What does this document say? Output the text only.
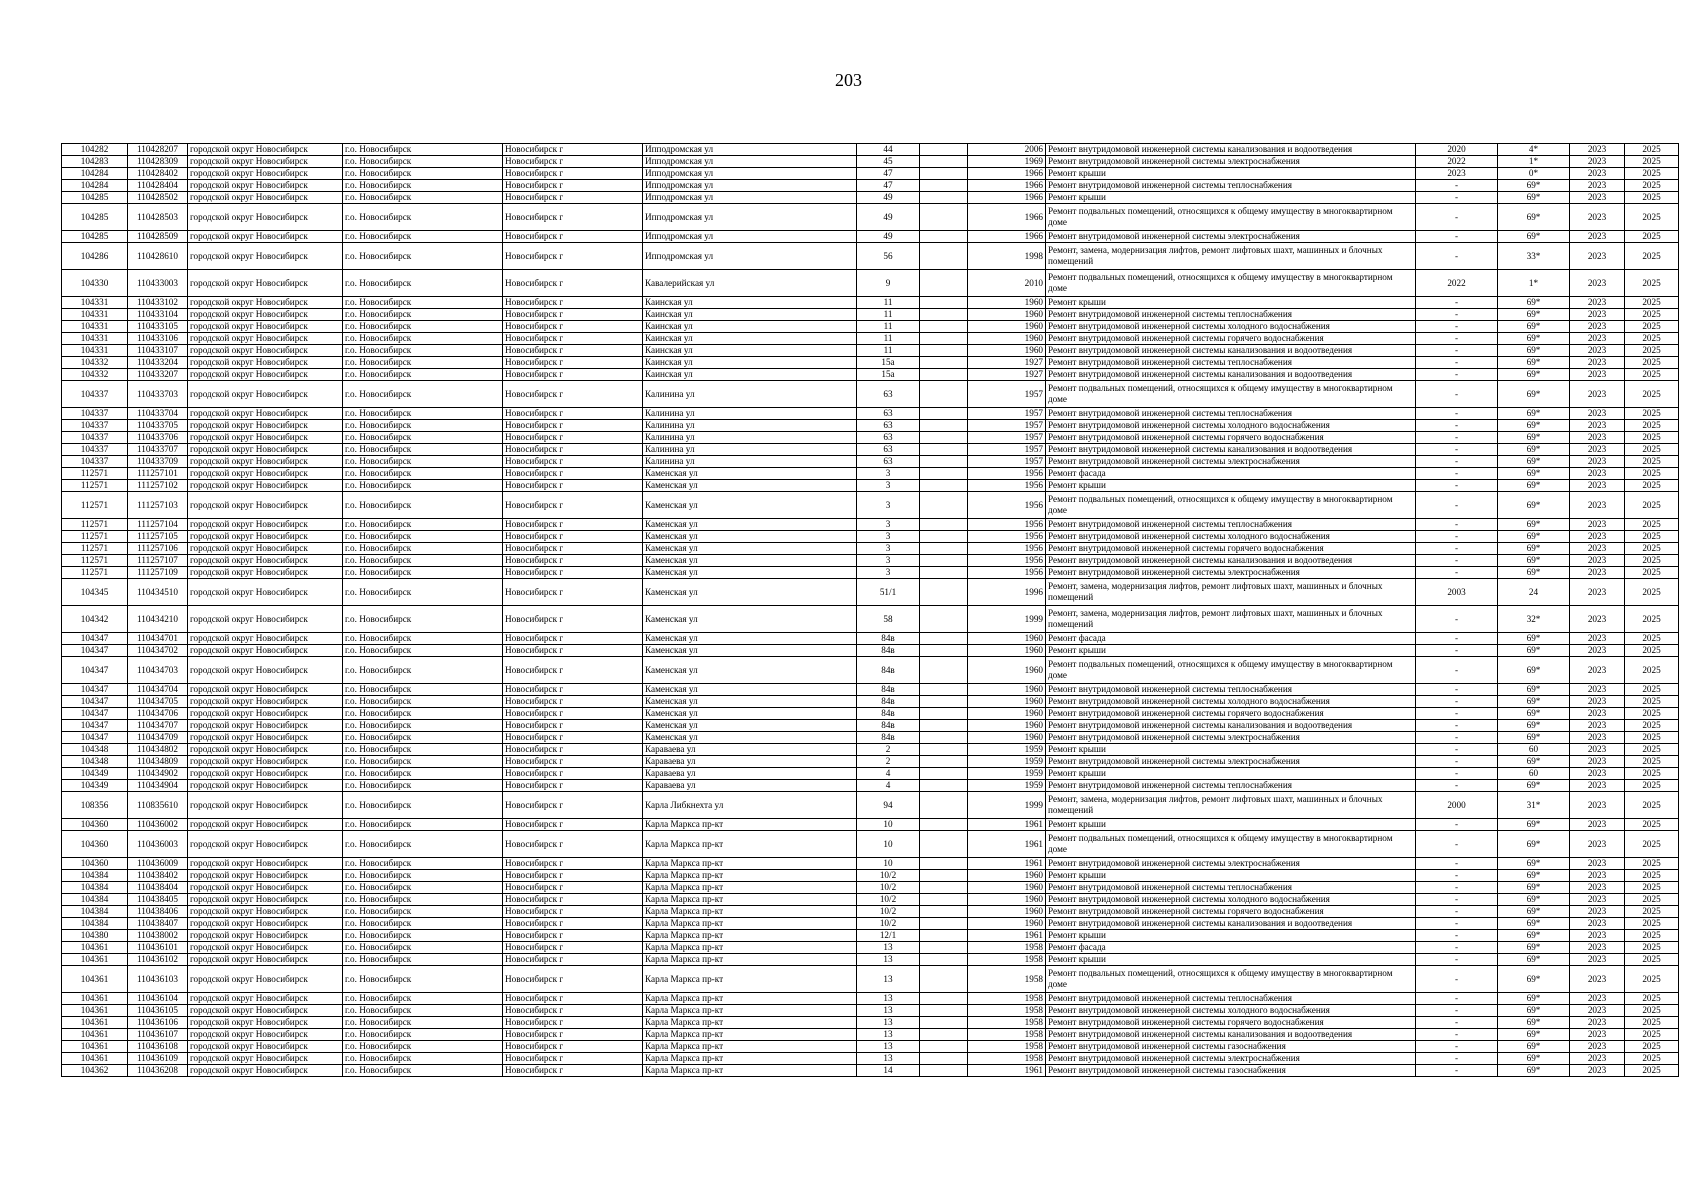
203
104282	110428207	городской округ Новосибирск	г.о. Новосибирск	Новосибирск г	Ипподромская ул	44		2006	Ремонт внутридомовой инженерной системы канализования и водоотведения	2020	4*	2023	2025
104283	110428309	городской округ Новосибирск	г.о. Новосибирск	Новосибирск г	Ипподромская ул	45		1969	Ремонт внутридомовой инженерной системы электроснабжения	2022	1*	2023	2025
104284	110428402	городской округ Новосибирск	г.о. Новосибирск	Новосибирск г	Ипподромская ул	47		1966	Ремонт крыши	2023	0*	2023	2025
104284	110428404	городской округ Новосибирск	г.о. Новосибирск	Новосибирск г	Ипподромская ул	47		1966	Ремонт внутридомовой инженерной системы теплоснабжения	-	69*	2023	2025
104285	110428502	городской округ Новосибирск	г.о. Новосибирск	Новосибирск г	Ипподромская ул	49		1966	Ремонт крыши	-	69*	2023	2025
104285	110428503	городской округ Новосибирск	г.о. Новосибирск	Новосибирск г	Ипподромская ул	49		1966	Ремонт подвальных помещений, относящихся к общему имуществу в многоквартирном доме	-	69*	2023	2025
104285	110428509	городской округ Новосибирск	г.о. Новосибирск	Новосибирск г	Ипподромская ул	49		1966	Ремонт внутридомовой инженерной системы электроснабжения	-	69*	2023	2025
104286	110428610	городской округ Новосибирск	г.о. Новосибирск	Новосибирск г	Ипподромская ул	56		1998	Ремонт, замена, модернизация лифтов, ремонт лифтовых шахт, машинных и блочных помещений	-	33*	2023	2025
104330	110433003	городской округ Новосибирск	г.о. Новосибирск	Новосибирск г	Кавалерийская ул	9		2010	Ремонт подвальных помещений, относящихся к общему имуществу в многоквартирном доме	2022	1*	2023	2025
104331	110433102	городской округ Новосибирск	г.о. Новосибирск	Новосибирск г	Каинская ул	11		1960	Ремонт крыши	-	69*	2023	2025
104331	110433104	городской округ Новосибирск	г.о. Новосибирск	Новосибирск г	Каинская ул	11		1960	Ремонт внутридомовой инженерной системы теплоснабжения	-	69*	2023	2025
104331	110433105	городской округ Новосибирск	г.о. Новосибирск	Новосибирск г	Каинская ул	11		1960	Ремонт внутридомовой инженерной системы холодного водоснабжения	-	69*	2023	2025
104331	110433106	городской округ Новосибирск	г.о. Новосибирск	Новосибирск г	Каинская ул	11		1960	Ремонт внутридомовой инженерной системы горячего водоснабжения	-	69*	2023	2025
104331	110433107	городской округ Новосибирск	г.о. Новосибирск	Новосибирск г	Каинская ул	11		1960	Ремонт внутридомовой инженерной системы канализования и водоотведения	-	69*	2023	2025
104332	110433204	городской округ Новосибирск	г.о. Новосибирск	Новосибирск г	Каинская ул	15а		1927	Ремонт внутридомовой инженерной системы теплоснабжения	-	69*	2023	2025
104332	110433207	городской округ Новосибирск	г.о. Новосибирск	Новосибирск г	Каинская ул	15а		1927	Ремонт внутридомовой инженерной системы канализования и водоотведения	-	69*	2023	2025
104337	110433703	городской округ Новосибирск	г.о. Новосибирск	Новосибирск г	Калинина ул	63		1957	Ремонт подвальных помещений, относящихся к общему имуществу в многоквартирном доме	-	69*	2023	2025
104337	110433704	городской округ Новосибирск	г.о. Новосибирск	Новосибирск г	Калинина ул	63		1957	Ремонт внутридомовой инженерной системы теплоснабжения	-	69*	2023	2025
104337	110433705	городской округ Новосибирск	г.о. Новосибирск	Новосибирск г	Калинина ул	63		1957	Ремонт внутридомовой инженерной системы холодного водоснабжения	-	69*	2023	2025
104337	110433706	городской округ Новосибирск	г.о. Новосибирск	Новосибирск г	Калинина ул	63		1957	Ремонт внутридомовой инженерной системы горячего водоснабжения	-	69*	2023	2025
104337	110433707	городской округ Новосибирск	г.о. Новосибирск	Новосибирск г	Калинина ул	63		1957	Ремонт внутридомовой инженерной системы канализования и водоотведения	-	69*	2023	2025
104337	110433709	городской округ Новосибирск	г.о. Новосибирск	Новосибирск г	Калинина ул	63		1957	Ремонт внутридомовой инженерной системы электроснабжения	-	69*	2023	2025
112571	111257101	городской округ Новосибирск	г.о. Новосибирск	Новосибирск г	Каменская ул	3		1956	Ремонт фасада	-	69*	2023	2025
112571	111257102	городской округ Новосибирск	г.о. Новосибирск	Новосибирск г	Каменская ул	3		1956	Ремонт крыши	-	69*	2023	2025
112571	111257103	городской округ Новосибирск	г.о. Новосибирск	Новосибирск г	Каменская ул	3		1956	Ремонт подвальных помещений, относящихся к общему имуществу в многоквартирном доме	-	69*	2023	2025
112571	111257104	городской округ Новосибирск	г.о. Новосибирск	Новосибирск г	Каменская ул	3		1956	Ремонт внутридомовой инженерной системы теплоснабжения	-	69*	2023	2025
112571	111257105	городской округ Новосибирск	г.о. Новосибирск	Новосибирск г	Каменская ул	3		1956	Ремонт внутридомовой инженерной системы холодного водоснабжения	-	69*	2023	2025
112571	111257106	городской округ Новосибирск	г.о. Новосибирск	Новосибирск г	Каменская ул	3		1956	Ремонт внутридомовой инженерной системы горячего водоснабжения	-	69*	2023	2025
112571	111257107	городской округ Новосибирск	г.о. Новосибирск	Новосибирск г	Каменская ул	3		1956	Ремонт внутридомовой инженерной системы канализования и водоотведения	-	69*	2023	2025
112571	111257109	городской округ Новосибирск	г.о. Новосибирск	Новосибирск г	Каменская ул	3		1956	Ремонт внутридомовой инженерной системы электроснабжения	-	69*	2023	2025
104345	110434510	городской округ Новосибирск	г.о. Новосибирск	Новосибирск г	Каменская ул	51/1		1996	Ремонт, замена, модернизация лифтов, ремонт лифтовых шахт, машинных и блочных помещений	2003	24	2023	2025
104342	110434210	городской округ Новосибирск	г.о. Новосибирск	Новосибирск г	Каменская ул	58		1999	Ремонт, замена, модернизация лифтов, ремонт лифтовых шахт, машинных и блочных помещений	-	32*	2023	2025
104347	110434701	городской округ Новосибирск	г.о. Новосибирск	Новосибирск г	Каменская ул	84в		1960	Ремонт фасада	-	69*	2023	2025
104347	110434702	городской округ Новосибирск	г.о. Новосибирск	Новосибирск г	Каменская ул	84в		1960	Ремонт крыши	-	69*	2023	2025
104347	110434703	городской округ Новосибирск	г.о. Новосибирск	Новосибирск г	Каменская ул	84в		1960	Ремонт подвальных помещений, относящихся к общему имуществу в многоквартирном доме	-	69*	2023	2025
104347	110434704	городской округ Новосибирск	г.о. Новосибирск	Новосибирск г	Каменская ул	84в		1960	Ремонт внутридомовой инженерной системы теплоснабжения	-	69*	2023	2025
104347	110434705	городской округ Новосибирск	г.о. Новосибирск	Новосибирск г	Каменская ул	84в		1960	Ремонт внутридомовой инженерной системы холодного водоснабжения	-	69*	2023	2025
104347	110434706	городской округ Новосибирск	г.о. Новосибирск	Новосибирск г	Каменская ул	84в		1960	Ремонт внутридомовой инженерной системы горячего водоснабжения	-	69*	2023	2025
104347	110434707	городской округ Новосибирск	г.о. Новосибирск	Новосибирск г	Каменская ул	84в		1960	Ремонт внутридомовой инженерной системы канализования и водоотведения	-	69*	2023	2025
104347	110434709	городской округ Новосибирск	г.о. Новосибирск	Новосибирск г	Каменская ул	84в		1960	Ремонт внутридомовой инженерной системы электроснабжения	-	69*	2023	2025
104348	110434802	городской округ Новосибирск	г.о. Новосибирск	Новосибирск г	Караваева ул	2		1959	Ремонт крыши	-	60	2023	2025
104348	110434809	городской округ Новосибирск	г.о. Новосибирск	Новосибирск г	Караваева ул	2		1959	Ремонт внутридомовой инженерной системы электроснабжения	-	69*	2023	2025
104349	110434902	городской округ Новосибирск	г.о. Новосибирск	Новосибирск г	Караваева ул	4		1959	Ремонт крыши	-	60	2023	2025
104349	110434904	городской округ Новосибирск	г.о. Новосибирск	Новосибирск г	Караваева ул	4		1959	Ремонт внутридомовой инженерной системы теплоснабжения	-	69*	2023	2025
108356	110835610	городской округ Новосибирск	г.о. Новосибирск	Новосибирск г	Карла Либкнехта ул	94		1999	Ремонт, замена, модернизация лифтов, ремонт лифтовых шахт, машинных и блочных помещений	2000	31*	2023	2025
104360	110436002	городской округ Новосибирск	г.о. Новосибирск	Новосибирск г	Карла Маркса пр-кт	10		1961	Ремонт крыши	-	69*	2023	2025
104360	110436003	городской округ Новосибирск	г.о. Новосибирск	Новосибирск г	Карла Маркса пр-кт	10		1961	Ремонт подвальных помещений, относящихся к общему имуществу в многоквартирном доме	-	69*	2023	2025
104360	110436009	городской округ Новосибирск	г.о. Новосибирск	Новосибирск г	Карла Маркса пр-кт	10		1961	Ремонт внутридомовой инженерной системы электроснабжения	-	69*	2023	2025
104384	110438402	городской округ Новосибирск	г.о. Новосибирск	Новосибирск г	Карла Маркса пр-кт	10/2		1960	Ремонт крыши	-	69*	2023	2025
104384	110438404	городской округ Новосибирск	г.о. Новосибирск	Новосибирск г	Карла Маркса пр-кт	10/2		1960	Ремонт внутридомовой инженерной системы теплоснабжения	-	69*	2023	2025
104384	110438405	городской округ Новосибирск	г.о. Новосибирск	Новосибирск г	Карла Маркса пр-кт	10/2		1960	Ремонт внутридомовой инженерной системы холодного водоснабжения	-	69*	2023	2025
104384	110438406	городской округ Новосибирск	г.о. Новосибирск	Новосибирск г	Карла Маркса пр-кт	10/2		1960	Ремонт внутридомовой инженерной системы горячего водоснабжения	-	69*	2023	2025
104384	110438407	городской округ Новосибирск	г.о. Новосибирск	Новосибирск г	Карла Маркса пр-кт	10/2		1960	Ремонт внутридомовой инженерной системы канализования и водоотведения	-	69*	2023	2025
104380	110438002	городской округ Новосибирск	г.о. Новосибирск	Новосибирск г	Карла Маркса пр-кт	12/1		1961	Ремонт крыши	-	69*	2023	2025
104361	110436101	городской округ Новосибирск	г.о. Новосибирск	Новосибирск г	Карла Маркса пр-кт	13		1958	Ремонт фасада	-	69*	2023	2025
104361	110436102	городской округ Новосибирск	г.о. Новосибирск	Новосибирск г	Карла Маркса пр-кт	13		1958	Ремонт крыши	-	69*	2023	2025
104361	110436103	городской округ Новосибирск	г.о. Новосибирск	Новосибирск г	Карла Маркса пр-кт	13		1958	Ремонт подвальных помещений, относящихся к общему имуществу в многоквартирном доме	-	69*	2023	2025
104361	110436104	городской округ Новосибирск	г.о. Новосибирск	Новосибирск г	Карла Маркса пр-кт	13		1958	Ремонт внутридомовой инженерной системы теплоснабжения	-	69*	2023	2025
104361	110436105	городской округ Новосибирск	г.о. Новосибирск	Новосибирск г	Карла Маркса пр-кт	13		1958	Ремонт внутридомовой инженерной системы холодного водоснабжения	-	69*	2023	2025
104361	110436106	городской округ Новосибирск	г.о. Новосибирск	Новосибирск г	Карла Маркса пр-кт	13		1958	Ремонт внутридомовой инженерной системы горячего водоснабжения	-	69*	2023	2025
104361	110436107	городской округ Новосибирск	г.о. Новосибирск	Новосибирск г	Карла Маркса пр-кт	13		1958	Ремонт внутридомовой инженерной системы канализования и водоотведения	-	69*	2023	2025
104361	110436108	городской округ Новосибирск	г.о. Новосибирск	Новосибирск г	Карла Маркса пр-кт	13		1958	Ремонт внутридомовой инженерной системы газоснабжения	-	69*	2023	2025
104361	110436109	городской округ Новосибирск	г.о. Новосибирск	Новосибирск г	Карла Маркса пр-кт	13		1958	Ремонт внутридомовой инженерной системы электроснабжения	-	69*	2023	2025
104362	110436208	городской округ Новосибирск	г.о. Новосибирск	Новосибирск г	Карла Маркса пр-кт	14		1961	Ремонт внутридомовой инженерной системы газоснабжения	-	69*	2023	2025
